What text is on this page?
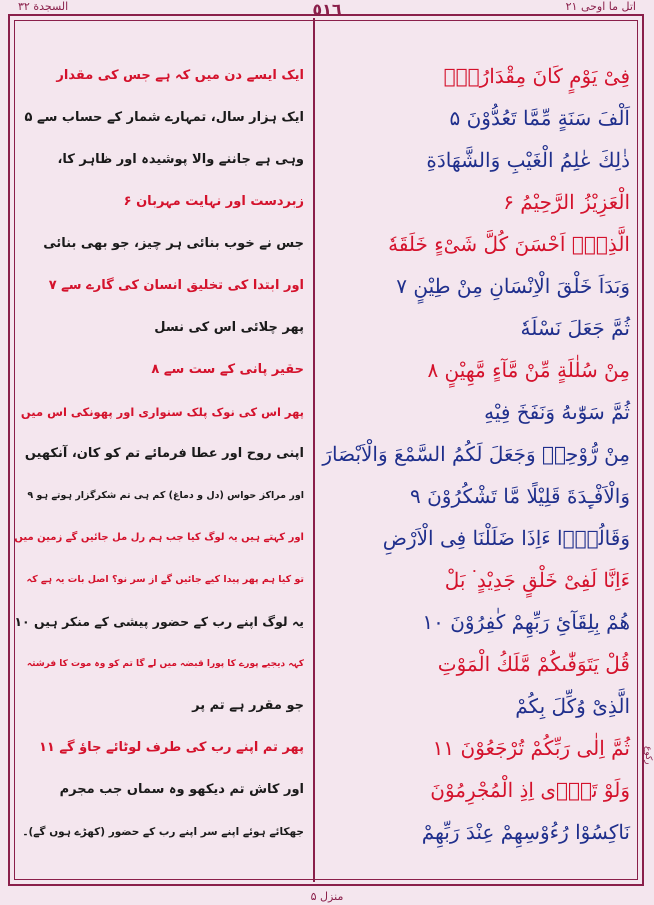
السجدة ۳۲	٥١٦	اتل ما اوحی ۲۱
رکوع
فِیْ یَوْمٍ كَانَ مِقْدَارُهٗۤ
اَلْفَ سَنَةٍ مِّمَّا تَعُدُّوْنَ ۵
ذٰلِكَ عٰلِمُ الْغَیْبِ وَالشَّهَادَةِ
الْعَزِیْزُ الرَّحِیْمُ ۶
الَّذِیْۤ اَحْسَنَ كُلَّ شَیْءٍ خَلَقَهٗ
وَبَدَاَ خَلْقَ الْاِنْسَانِ مِنْ طِیْنٍ ۷
ثُمَّ جَعَلَ نَسْلَهٗ
مِنْ سُلٰلَةٍ مِّنْ مَّآءٍ مَّهِیْنٍ ۸
ثُمَّ سَوّٰىهُ وَنَفَخَ فِیْهِ
مِنْ رُّوْحِهٖ وَجَعَلَ لَكُمُ السَّمْعَ وَالْاَبْصَارَ
وَالْاَفْـِٕدَةَ قَلِیْلًا مَّا تَشْكُرُوْنَ ۹
وَقَالُوْۤا ءَاِذَا ضَلَلْنَا فِی الْاَرْضِ
ءَاِنَّا لَفِیْ خَلْقٍ جَدِیْدٍ ۬ بَلْ
هُمْ بِلِقَآئِ رَبِّهِمْ كٰفِرُوْنَ ۱۰
قُلْ یَتَوَفّٰىكُمْ مَّلَكُ الْمَوْتِ
الَّذِیْ وُكِّلَ بِكُمْ
ثُمَّ اِلٰى رَبِّكُمْ تُرْجَعُوْنَ ۱۱
وَلَوْ تَرٰۤى اِذِ الْمُجْرِمُوْنَ
نَاكِسُوْا رُءُوْسِهِمْ عِنْدَ رَبِّهِمْ
ایک ایسے دن میں کہ ہے جس کی مقدار
ایک ہزار سال، تمہارے شمار کے حساب سے ۵
وہی ہے جاننے والا پوشیدہ اور ظاہر کا،
زبردست اور نہایت مہربان ۶
جس نے خوب بنائی ہر چیز، جو بھی بنائی
اور ابتدا کی تخلیق انسان کی گارے سے ۷
پھر چلائی اس کی نسل
حقیر پانی کے ست سے ۸
پھر اس کی نوک پلک سنواری اور پھونکی اس میں
اپنی روح اور عطا فرمائے تم کو کان، آنکھیں
اور مراکز حواس (دل و دماغ) کم ہی تم شکرگزار ہوتے ہو ۹
اور کہتے ہیں یہ لوگ کیا جب ہم رل مل جائیں گے زمین میں
تو کیا ہم پھر پیدا کیے جائیں گے از سر نو؟ اصل بات یہ ہے کہ
یہ لوگ اپنے رب کے حضور پیشی کے منکر ہیں ۱۰
کہہ دیجیے پورے کا پورا قبضہ میں لے گا تم کو وہ موت کا فرشتہ
جو مقرر ہے تم پر
پھر تم اپنے رب کی طرف لوٹائے جاؤ گے ۱۱
اور کاش تم دیکھو وہ سماں جب مجرم
جھکائے ہوئے اپنے سر اپنے رب کے حضور (کھڑے ہوں گے)۔
منزل ۵
